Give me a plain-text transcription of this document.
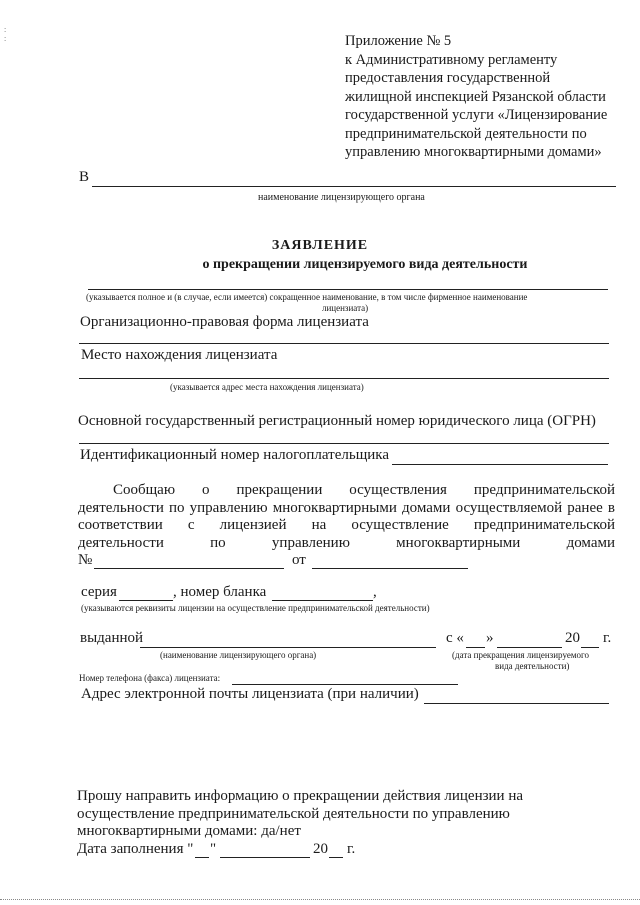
:
:	Приложение № 5
к Административному регламенту
предоставления государственной
жилищной инспекцией Рязанской области
государственной услуги «Лицензирование
предпринимательской деятельности по
управлению многоквартирными домами»
В
наименование лицензирующего органа
ЗАЯВЛЕНИЕ
о прекращении лицензируемого вида деятельности
(указывается полное и (в случае, если имеется) сокращенное наименование, в том числе фирменное наименование
лицензиата)
Организационно-правовая форма лицензиата
Место нахождения лицензиата
(указывается адрес места нахождения лицензиата)
Основной государственный регистрационный номер юридического лица (ОГРН)
Идентификационный номер налогоплательщика
Сообщаю о прекращении осуществления предпринимательской
деятельности по управлению многоквартирными домами осуществляемой ранее в
соответствии с лицензией на осуществление предпринимательской
деятельности по управлению многоквартирными домами
№	от
серия	, номер бланка	,
(указываются реквизиты лицензии на осуществление предпринимательской деятельности)
выданной	с « »	20 г.
(наименование лицензирующего органа)	(дата прекращения лицензируемого
вида деятельности)
Номер телефона (факса) лицензиата:
Адрес электронной почты лицензиата (при наличии)
Прошу направить информацию о прекращении действия лицензии на
осуществление предпринимательской деятельности по управлению
многоквартирными домами: да/нет
Дата заполнения " "	20 г.
